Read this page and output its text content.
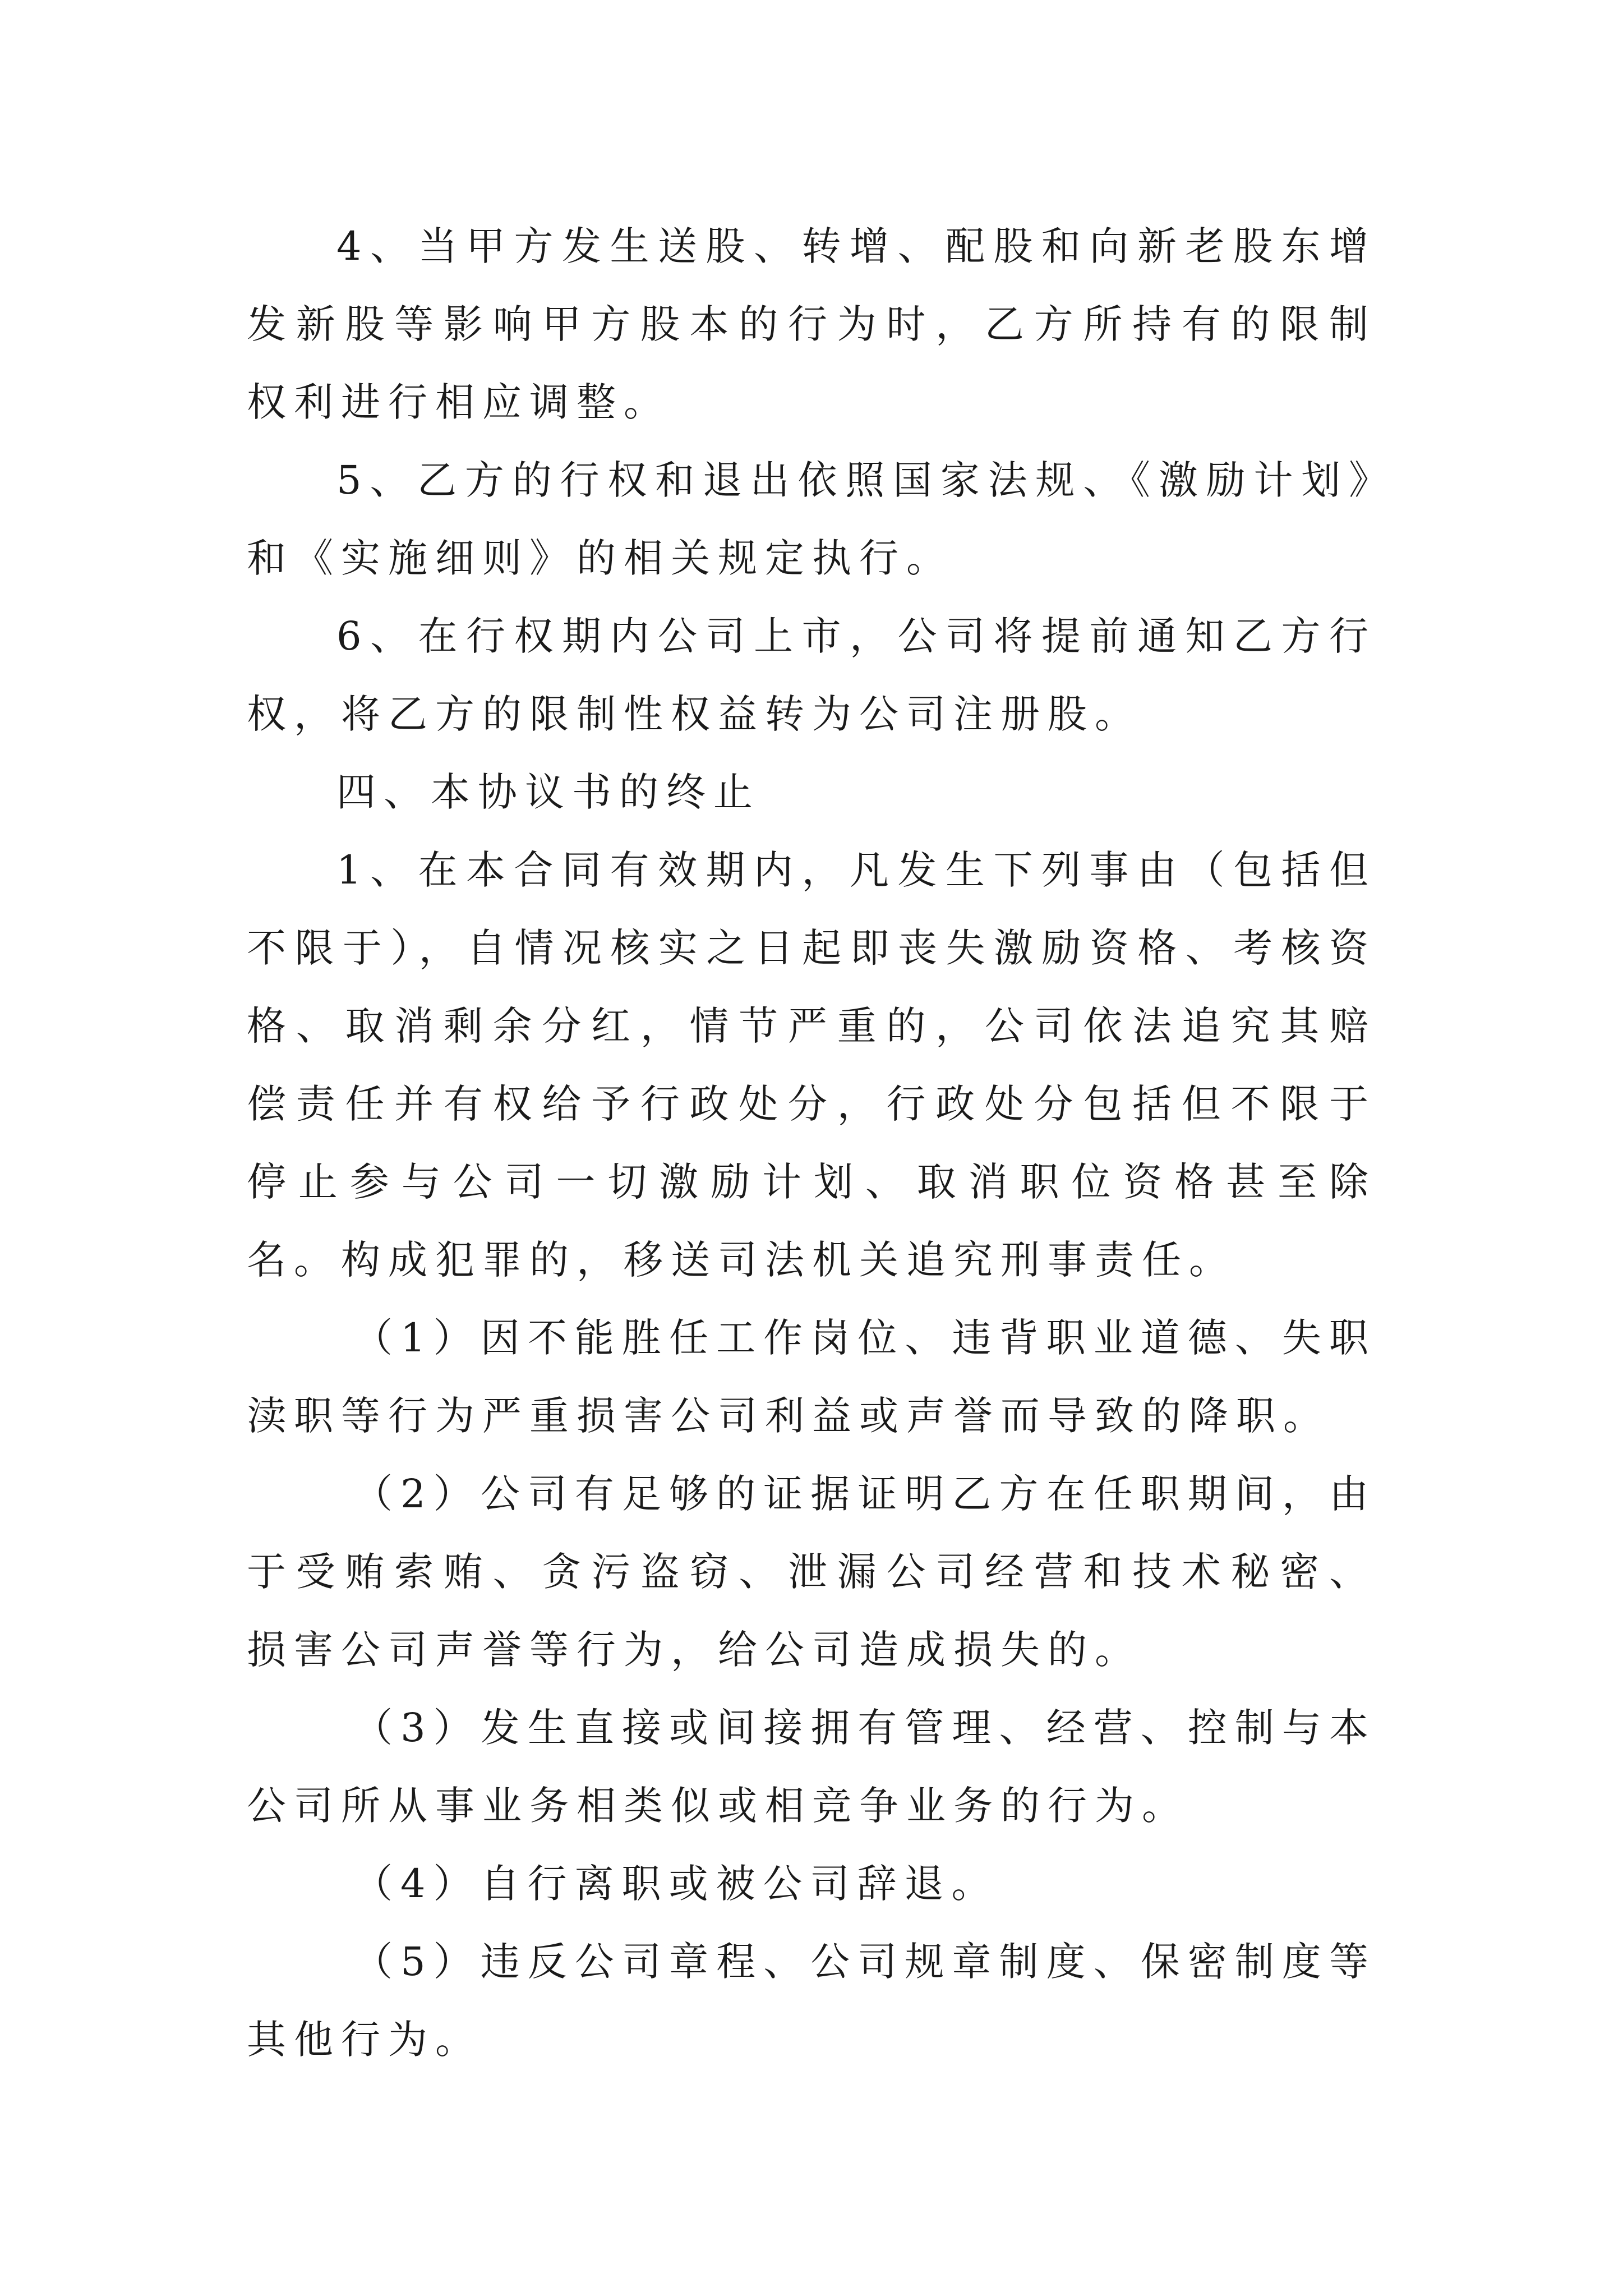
4、当甲方发生送股、转增、配股和向新老股东增发新股等影响甲方股本的行为时，乙方所持有的限制权利进行相应调整。

5、乙方的行权和退出依照国家法规、《激励计划》和《实施细则》的相关规定执行。

6、在行权期内公司上市，公司将提前通知乙方行权，将乙方的限制性权益转为公司注册股。

四、本协议书的终止

1、在本合同有效期内，凡发生下列事由（包括但不限于），自情况核实之日起即丧失激励资格、考核资格、取消剩余分红，情节严重的，公司依法追究其赔偿责任并有权给予行政处分，行政处分包括但不限于停止参与公司一切激励计划、取消职位资格甚至除名。构成犯罪的，移送司法机关追究刑事责任。

（1）因不能胜任工作岗位、违背职业道德、失职渎职等行为严重损害公司利益或声誉而导致的降职。

（2）公司有足够的证据证明乙方在任职期间，由于受贿索贿、贪污盗窃、泄漏公司经营和技术秘密、损害公司声誉等行为，给公司造成损失的。

（3）发生直接或间接拥有管理、经营、控制与本公司所从事业务相类似或相竞争业务的行为。

（4）自行离职或被公司辞退。

（5）违反公司章程、公司规章制度、保密制度等其他行为。
